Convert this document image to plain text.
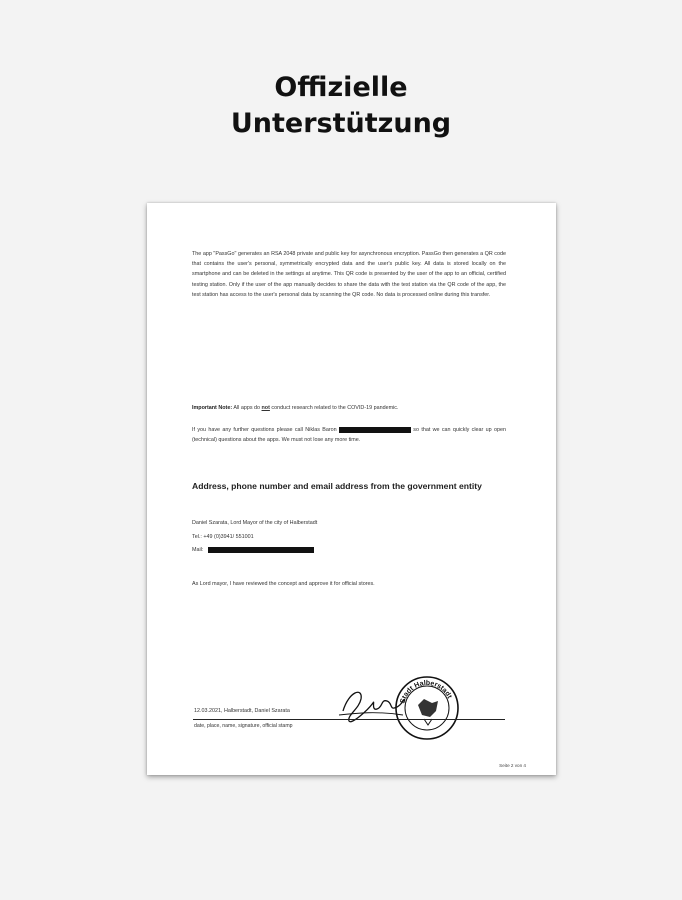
Offizielle
Unterstützung

The app "PassGo" generates an RSA 2048 private and public key for asynchronous encryption. PassGo then generates a QR code that contains the user's personal, symmetrically encrypted data and the user's public key. All data is stored locally on the smartphone and can be deleted in the settings at anytime. This QR code is presented by the user of the app to an official, certified testing station. Only if the user of the app manually decides to share the data with the test station via the QR code of the app, the test station has access to the user's personal data by scanning the QR code. No data is processed online during this transfer.

Important Note: All apps do not conduct research related to the COVID-19 pandemic.

If you have any further questions please call Niklas Baron	so that we can quickly clear up open (technical) questions about the apps. We must not lose any more time.

Address, phone number and email address from the government entity

Daniel Szarata, Lord Mayor of the city of Halberstadt
Tel.: +49 (0)3941/ 551001
Mail:
As Lord mayor, I have reviewed the concept and approve it for official stores.
Stadt Halberstadt
12.03.2021, Halberstadt, Daniel Szarata
date, place, name, signature, official stamp
Seite 2 von 4
